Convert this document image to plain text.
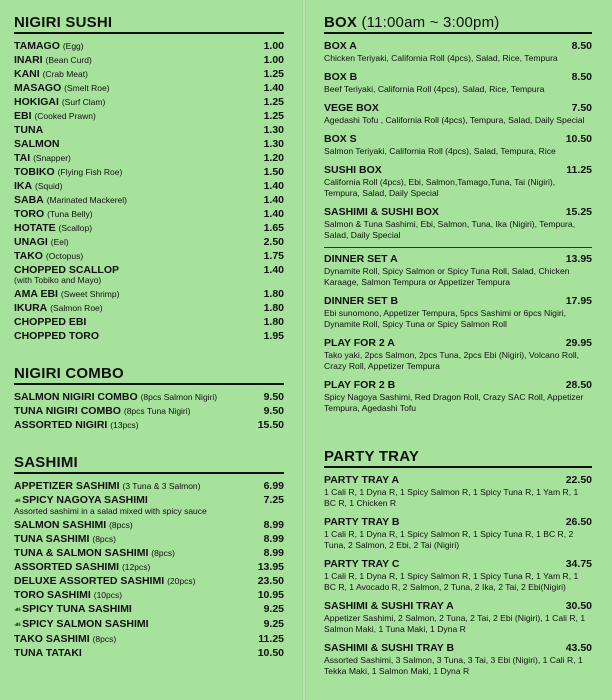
NIGIRI SUSHI
TAMAGO (Egg)	1.00
INARI (Bean Curd)	1.00
KANI (Crab Meat)	1.25
MASAGO (Smelt Roe)	1.40
HOKIGAI (Surf Clam)	1.25
EBI (Cooked Prawn)	1.25
TUNA	1.30
SALMON	1.30
TAI (Snapper)	1.20
TOBIKO (Flying Fish Roe)	1.50
IKA (Squid)	1.40
SABA (Marinated Mackerel)	1.40
TORO (Tuna Belly)	1.40
HOTATE (Scallop)	1.65
UNAGI (Eel)	2.50
TAKO (Octopus)	1.75
CHOPPED SCALLOP	1.40
(with Tobiko and Mayo)
AMA EBI (Sweet Shrimp)	1.80
IKURA (Salmon Roe)	1.80
CHOPPED EBI	1.80
CHOPPED TORO	1.95
NIGIRI COMBO
SALMON NIGIRI COMBO (8pcs Salmon Nigiri)	9.50
TUNA NIGIRI COMBO (8pcs Tuna Nigiri)	9.50
ASSORTED NIGIRI (13pcs)	15.50
SASHIMI
APPETIZER SASHIMI (3 Tuna & 3 Salmon)	6.99
☙ SPICY NAGOYA SASHIMI	7.25
Assorted sashimi in a salad mixed with spicy sauce
SALMON SASHIMI (8pcs)	8.99
TUNA SASHIMI (8pcs)	8.99
TUNA & SALMON SASHIMI (8pcs)	8.99
ASSORTED SASHIMI (12pcs)	13.95
DELUXE ASSORTED SASHIMI (20pcs)	23.50
TORO SASHIMI (10pcs)	10.95
☙ SPICY TUNA SASHIMI	9.25
☙ SPICY SALMON SASHIMI	9.25
TAKO SASHIMI (8pcs)	11.25
TUNA TATAKI	10.50
BOX (11:00am ~ 3:00pm)
BOX A	8.50
Chicken Teriyaki, California Roll (4pcs), Salad, Rice, Tempura
BOX B	8.50
Beef Teriyaki, California Roll (4pcs), Salad, Rice, Tempura
VEGE BOX	7.50
Agedashi Tofu , California Roll (4pcs), Tempura, Salad, Daily Special
BOX S	10.50
Salmon Teriyaki, California Roll (4pcs), Salad, Tempura, Rice
SUSHI BOX	11.25
California Roll (4pcs), Ebi, Salmon,Tamago,Tuna, Tai (Nigiri), Tempura, Salad, Daily Special
SASHIMI & SUSHI BOX	15.25
Salmon & Tuna Sashimi, Ebi, Salmon, Tuna, Ika (Nigiri), Tempura, Salad, Daily Special
DINNER SET A	13.95
Dynamite Roll, Spicy Salmon or Spicy Tuna Roll, Salad, Chicken Karaage, Salmon Tempura or Appetizer Tempura
DINNER SET B	17.95
Ebi sunomono, Appetizer Tempura, 5pcs Sashimi or 6pcs Nigiri, Dynamite Roll, Spicy Tuna or Spicy Salmon Roll
PLAY FOR 2 A	29.95
Tako yaki, 2pcs Salmon, 2pcs Tuna, 2pcs Ebi (Nigiri), Volcano Roll, Crazy Roll, Appetizer Tempura
PLAY FOR 2 B	28.50
Spicy Nagoya Sashimi, Red Dragon Roll, Crazy SAC Roll, Appetizer Tempura, Agedashi Tofu
PARTY TRAY
PARTY TRAY A	22.50
1 Cali R, 1 Dyna R, 1 Spicy Salmon R, 1 Spicy Tuna R, 1 Yam R, 1 BC R, 1 Chicken R
PARTY TRAY B	26.50
1 Cali R, 1 Dyna R, 1 Spicy Salmon R, 1 Spicy Tuna R, 1 BC R, 2 Tuna, 2 Salmon, 2 Ebi, 2 Tai (Nigiri)
PARTY TRAY C	34.75
1 Cali R, 1 Dyna R, 1 Spicy Salmon R, 1 Spicy Tuna R, 1 Yam R, 1 BC R, 1 Avocado R, 2 Salmon, 2 Tuna, 2 Ika, 2 Tai, 2 Ebi(Nigiri)
SASHIMI & SUSHI TRAY A	30.50
Appetizer Sashimi, 2 Salmon, 2 Tuna, 2 Tai, 2 Ebi (Nigiri), 1 Cali R, 1 Salmon Maki, 1 Tuna Maki, 1 Dyna R
SASHIMI & SUSHI TRAY B	43.50
Assorted Sashimi, 3 Salmon, 3 Tuna, 3 Tai, 3 Ebi (Nigiri), 1 Cali R, 1 Tekka Maki, 1 Salmon Maki, 1 Dyna R
